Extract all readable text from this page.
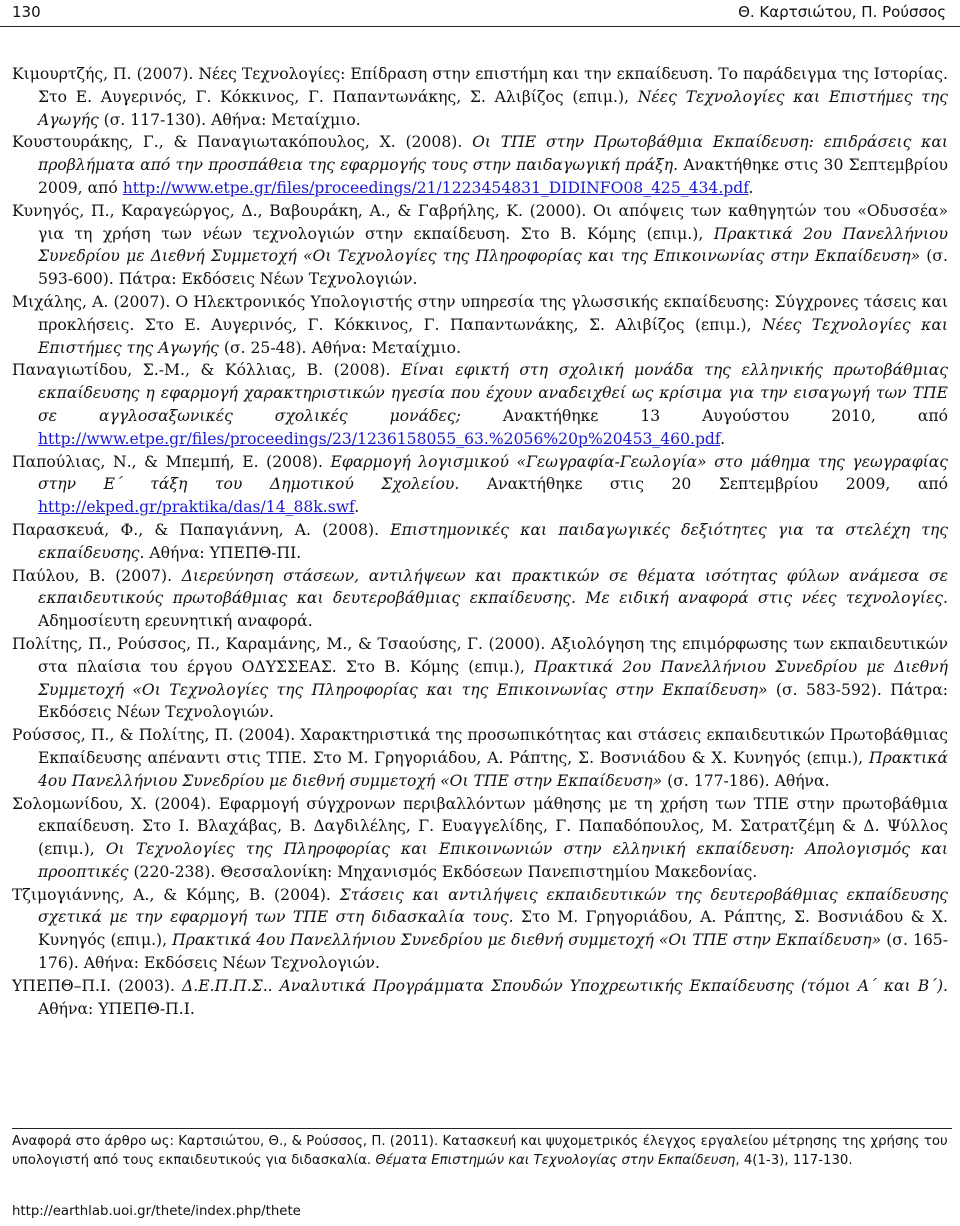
130	Θ. Καρτσιώτου, Π. Ρούσσος

Κιμουρτζής, Π. (2007). Νέες Τεχνολογίες: Επίδραση στην επιστήμη και την εκπαίδευση. Το παράδειγμα της Ιστορίας. Στο Ε. Αυγερινός, Γ. Κόκκινος, Γ. Παπαντωνάκης, Σ. Αλιβίζος (επιμ.), Νέες Τεχνολογίες και Επιστήμες της Αγωγής (σ. 117-130). Αθήνα: Μεταίχμιο.

Κουστουράκης, Γ., & Παναγιωτακόπουλος, Χ. (2008). Οι ΤΠΕ στην Πρωτοβάθμια Εκπαίδευση: επιδράσεις και προβλήματα από την προσπάθεια της εφαρμογής τους στην παιδαγωγική πράξη. Ανακτήθηκε στις 30 Σεπτεμβρίου 2009, από http://www.etpe.gr/files/proceedings/21/1223454831_DIDINFO08_425_434.pdf.

Κυνηγός, Π., Καραγεώργος, Δ., Βαβουράκη, Α., & Γαβρήλης, Κ. (2000). Οι απόψεις των καθηγητών του «Οδυσσέα» για τη χρήση των νέων τεχνολογιών στην εκπαίδευση. Στο Β. Κόμης (επιμ.), Πρακτικά 2ου Πανελλήνιου Συνεδρίου με Διεθνή Συμμετοχή «Οι Τεχνολογίες της Πληροφορίας και της Επικοινωνίας στην Εκπαίδευση» (σ. 593-600). Πάτρα: Εκδόσεις Νέων Τεχνολογιών.

Μιχάλης, Α. (2007). Ο Ηλεκτρονικός Υπολογιστής στην υπηρεσία της γλωσσικής εκπαίδευσης: Σύγχρονες τάσεις και προκλήσεις. Στο Ε. Αυγερινός, Γ. Κόκκινος, Γ. Παπαντωνάκης, Σ. Αλιβίζος (επιμ.), Νέες Τεχνολογίες και Επιστήμες της Αγωγής (σ. 25-48). Αθήνα: Μεταίχμιο.

Παναγιωτίδου, Σ.-Μ., & Κόλλιας, Β. (2008). Είναι εφικτή στη σχολική μονάδα της ελληνικής πρωτοβάθμιας εκπαίδευσης η εφαρμογή χαρακτηριστικών ηγεσία που έχουν αναδειχθεί ως κρίσιμα για την εισαγωγή των ΤΠΕ σε αγγλοσαξωνικές σχολικές μονάδες; Ανακτήθηκε 13 Αυγούστου 2010, από http://www.etpe.gr/files/proceedings/23/1236158055_63.%2056%20p%20453_460.pdf.

Παπούλιας, Ν., & Μπεμπή, Ε. (2008). Εφαρμογή λογισμικού «Γεωγραφία-Γεωλογία» στο μάθημα της γεωγραφίας στην Ε΄ τάξη του Δημοτικού Σχολείου. Ανακτήθηκε στις 20 Σεπτεμβρίου 2009, από http://ekped.gr/praktika/das/14_88k.swf.

Παρασκευά, Φ., & Παπαγιάννη, Α. (2008). Επιστημονικές και παιδαγωγικές δεξιότητες για τα στελέχη της εκπαίδευσης. Αθήνα: ΥΠΕΠΘ-ΠΙ.

Παύλου, Β. (2007). Διερεύνηση στάσεων, αντιλήψεων και πρακτικών σε θέματα ισότητας φύλων ανάμεσα σε εκπαιδευτικούς πρωτοβάθμιας και δευτεροβάθμιας εκπαίδευσης. Με ειδική αναφορά στις νέες τεχνολογίες. Αδημοσίευτη ερευνητική αναφορά.

Πολίτης, Π., Ρούσσος, Π., Καραμάνης, Μ., & Τσαούσης, Γ. (2000). Αξιολόγηση της επιμόρφωσης των εκπαιδευτικών στα πλαίσια του έργου ΟΔΥΣΣΕΑΣ. Στο Β. Κόμης (επιμ.), Πρακτικά 2ου Πανελλήνιου Συνεδρίου με Διεθνή Συμμετοχή «Οι Τεχνολογίες της Πληροφορίας και της Επικοινωνίας στην Εκπαίδευση» (σ. 583-592). Πάτρα: Εκδόσεις Νέων Τεχνολογιών.

Ρούσσος, Π., & Πολίτης, Π. (2004). Χαρακτηριστικά της προσωπικότητας και στάσεις εκπαιδευτικών Πρωτοβάθμιας Εκπαίδευσης απέναντι στις ΤΠΕ. Στο Μ. Γρηγοριάδου, Α. Ράπτης, Σ. Βοσνιάδου & Χ. Κυνηγός (επιμ.), Πρακτικά 4ου Πανελλήνιου Συνεδρίου με διεθνή συμμετοχή «Οι ΤΠΕ στην Εκπαίδευση» (σ. 177-186). Αθήνα.

Σολομωνίδου, Χ. (2004). Εφαρμογή σύγχρονων περιβαλλόντων μάθησης με τη χρήση των ΤΠΕ στην πρωτοβάθμια εκπαίδευση. Στο Ι. Βλαχάβας, Β. Δαγδιλέλης, Γ. Ευαγγελίδης, Γ. Παπαδόπουλος, Μ. Σατρατζέμη & Δ. Ψύλλος (επιμ.), Οι Τεχνολογίες της Πληροφορίας και Επικοινωνιών στην ελληνική εκπαίδευση: Απολογισμός και προοπτικές (220-238). Θεσσαλονίκη: Μηχανισμός Εκδόσεων Πανεπιστημίου Μακεδονίας.

Τζιμογιάννης, Α., & Κόμης, Β. (2004). Στάσεις και αντιλήψεις εκπαιδευτικών της δευτεροβάθμιας εκπαίδευσης σχετικά με την εφαρμογή των ΤΠΕ στη διδασκαλία τους. Στο Μ. Γρηγοριάδου, Α. Ράπτης, Σ. Βοσνιάδου & Χ. Κυνηγός (επιμ.), Πρακτικά 4ου Πανελλήνιου Συνεδρίου με διεθνή συμμετοχή «Οι ΤΠΕ στην Εκπαίδευση» (σ. 165-176). Αθήνα: Εκδόσεις Νέων Τεχνολογιών.

ΥΠΕΠΘ–Π.Ι. (2003). Δ.Ε.Π.Π.Σ.. Αναλυτικά Προγράμματα Σπουδών Υποχρεωτικής Εκπαίδευσης (τόμοι Α΄ και Β΄). Αθήνα: ΥΠΕΠΘ-Π.Ι.

Αναφορά στο άρθρο ως: Καρτσιώτου, Θ., & Ρούσσος, Π. (2011). Κατασκευή και ψυχομετρικός έλεγχος εργαλείου μέτρησης της χρήσης του υπολογιστή από τους εκπαιδευτικούς για διδασκαλία. Θέματα Επιστημών και Τεχνολογίας στην Εκπαίδευση, 4(1-3), 117-130.
http://earthlab.uoi.gr/thete/index.php/thete
